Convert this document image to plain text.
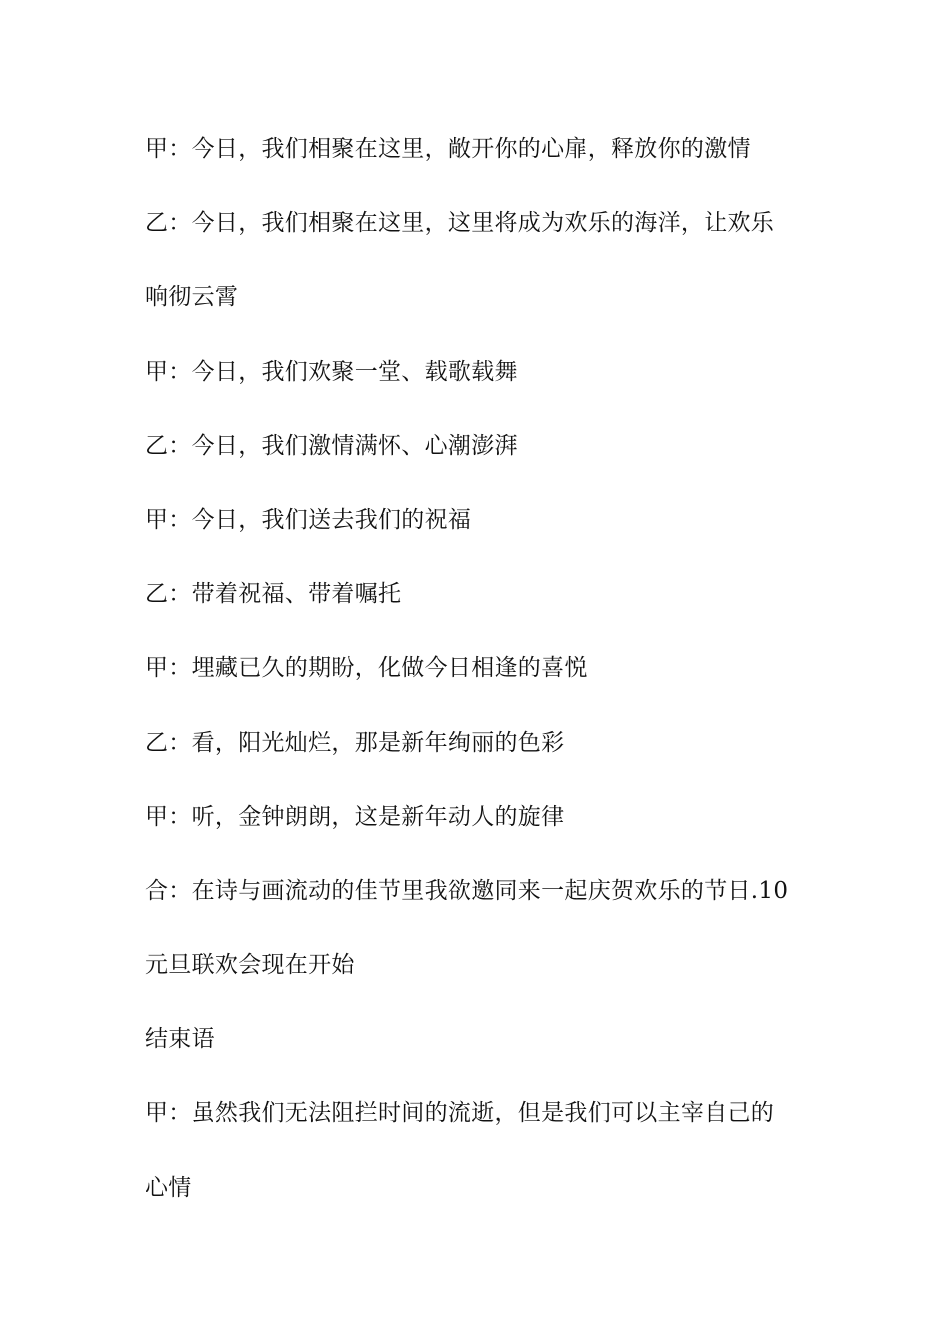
甲：今日，我们相聚在这里，敞开你的心扉，释放你的激情

乙：今日，我们相聚在这里，这里将成为欢乐的海洋，让欢乐

响彻云霄

甲：今日，我们欢聚一堂、载歌载舞

乙：今日，我们激情满怀、心潮澎湃

甲：今日，我们送去我们的祝福

乙：带着祝福、带着嘱托

甲：埋藏已久的期盼，化做今日相逢的喜悦

乙：看，阳光灿烂，那是新年绚丽的色彩

甲：听，金钟朗朗，这是新年动人的旋律

合：在诗与画流动的佳节里我欲邀同来一起庆贺欢乐的节日.10

元旦联欢会现在开始

结束语

甲：虽然我们无法阻拦时间的流逝，但是我们可以主宰自己的

心情
